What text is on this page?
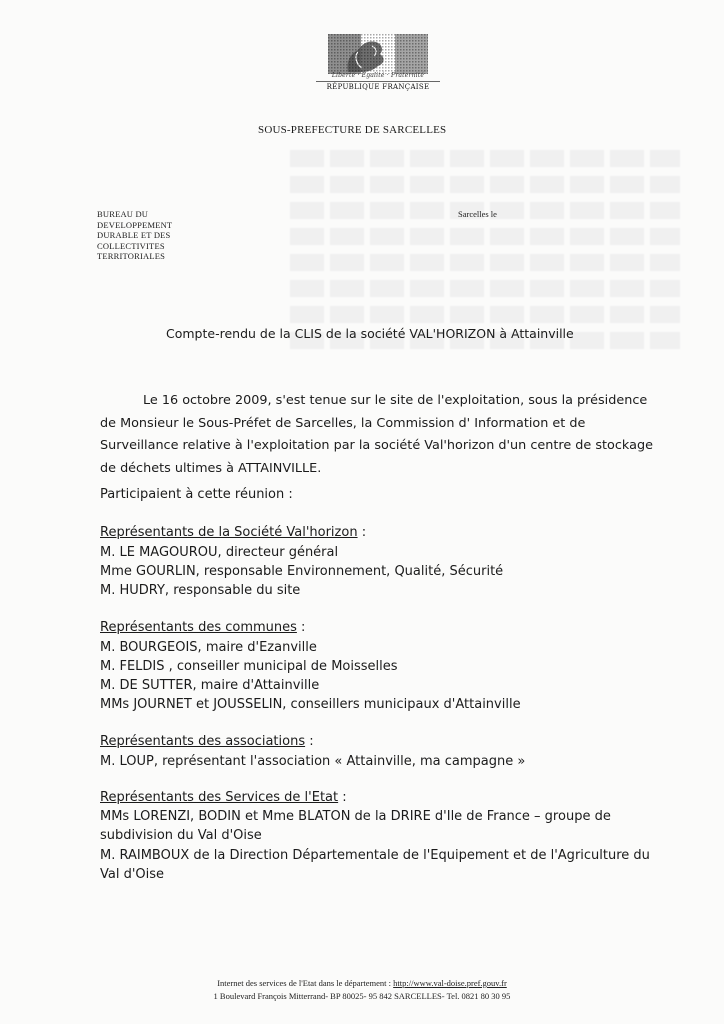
Liberté · Égalité · Fraternité
RÉPUBLIQUE FRANÇAISE
SOUS-PREFECTURE DE SARCELLES
BUREAU DU
DEVELOPPEMENT
DURABLE ET DES
COLLECTIVITES
TERRITORIALES
Sarcelles le
Compte-rendu de la CLIS de la société VAL'HORIZON à Attainville
Le 16 octobre 2009, s'est tenue sur le site de l'exploitation, sous la présidence
de Monsieur le Sous-Préfet de Sarcelles, la Commission d' Information et de
Surveillance relative à l'exploitation par la société Val'horizon d'un centre de stockage
de déchets ultimes à ATTAINVILLE.
Participaient à cette réunion :
Représentants de la Société Val'horizon :
M. LE MAGOUROU, directeur général
Mme GOURLIN, responsable Environnement, Qualité, Sécurité
M. HUDRY, responsable du site
Représentants des communes :
M. BOURGEOIS, maire d'Ezanville
M. FELDIS , conseiller municipal de Moisselles
M. DE SUTTER, maire d'Attainville
MMs JOURNET et JOUSSELIN, conseillers municipaux d'Attainville
Représentants des associations :
M. LOUP, représentant l'association « Attainville, ma campagne »
Représentants des Services de l'Etat :
MMs LORENZI, BODIN et Mme BLATON de la DRIRE d'Ile de France – groupe de
subdivision du Val d'Oise
M. RAIMBOUX de la Direction Départementale de l'Equipement et de l'Agriculture du
Val d'Oise
Internet des services de l'Etat dans le département : http://www.val-doise.pref.gouv.fr
1 Boulevard François Mitterrand- BP 80025- 95 842 SARCELLES- Tel. 0821 80 30 95
